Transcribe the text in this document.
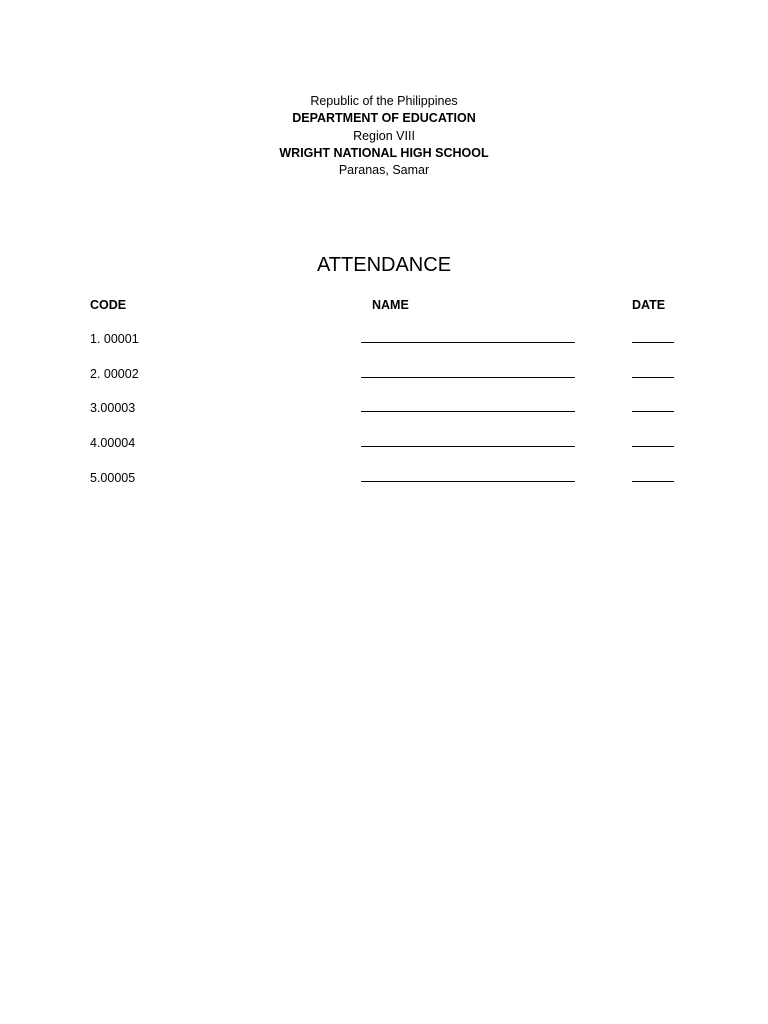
Republic of the Philippines
DEPARTMENT OF EDUCATION
Region VIII
WRIGHT NATIONAL HIGH SCHOOL
Paranas, Samar
ATTENDANCE
CODE	NAME	DATE
1. 00001
2. 00002
3.00003
4.00004
5.00005
